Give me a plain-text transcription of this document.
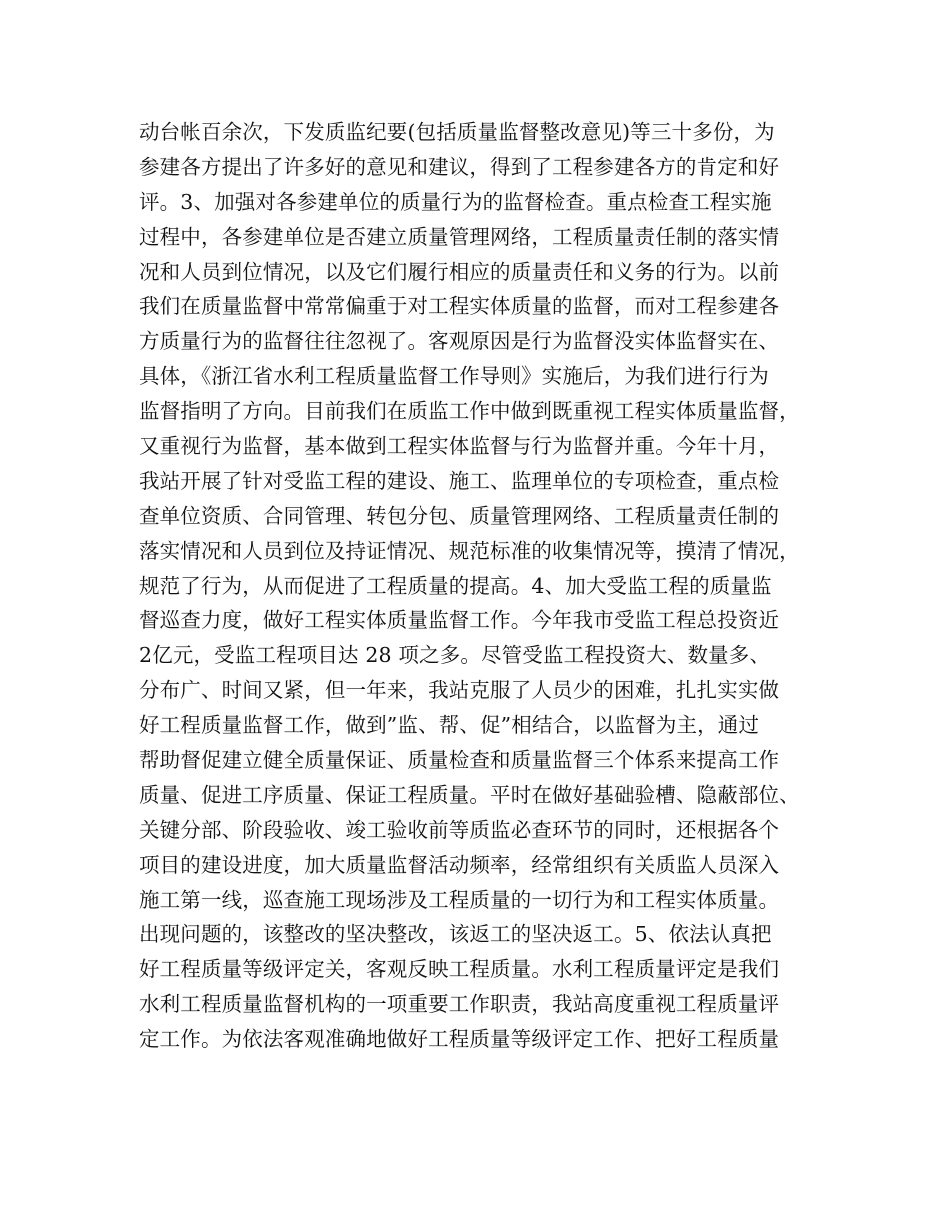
动台帐百余次，下发质监纪要(包括质量监督整改意见)等三十多份，为
参建各方提出了许多好的意见和建议，得到了工程参建各方的肯定和好
评。3、加强对各参建单位的质量行为的监督检查。重点检查工程实施
过程中，各参建单位是否建立质量管理网络，工程质量责任制的落实情
况和人员到位情况，以及它们履行相应的质量责任和义务的行为。以前
我们在质量监督中常常偏重于对工程实体质量的监督，而对工程参建各
方质量行为的监督往往忽视了。客观原因是行为监督没实体监督实在、
具体，《浙江省水利工程质量监督工作导则》实施后，为我们进行行为
监督指明了方向。目前我们在质监工作中做到既重视工程实体质量监督，
又重视行为监督，基本做到工程实体监督与行为监督并重。今年十月，
我站开展了针对受监工程的建设、施工、监理单位的专项检查，重点检
查单位资质、合同管理、转包分包、质量管理网络、工程质量责任制的
落实情况和人员到位及持证情况、规范标准的收集情况等，摸清了情况，
规范了行为，从而促进了工程质量的提高。4、加大受监工程的质量监
督巡查力度，做好工程实体质量监督工作。今年我市受监工程总投资近
2亿元，受监工程项目达 28 项之多。尽管受监工程投资大、数量多、
分布广、时间又紧，但一年来，我站克服了人员少的困难，扎扎实实做
好工程质量监督工作，做到”监、帮、促”相结合，以监督为主，通过
帮助督促建立健全质量保证、质量检查和质量监督三个体系来提高工作
质量、促进工序质量、保证工程质量。平时在做好基础验槽、隐蔽部位、
关键分部、阶段验收、竣工验收前等质监必查环节的同时，还根据各个
项目的建设进度，加大质量监督活动频率，经常组织有关质监人员深入
施工第一线，巡查施工现场涉及工程质量的一切行为和工程实体质量。
出现问题的，该整改的坚决整改，该返工的坚决返工。5、依法认真把
好工程质量等级评定关，客观反映工程质量。水利工程质量评定是我们
水利工程质量监督机构的一项重要工作职责，我站高度重视工程质量评
定工作。为依法客观准确地做好工程质量等级评定工作、把好工程质量
